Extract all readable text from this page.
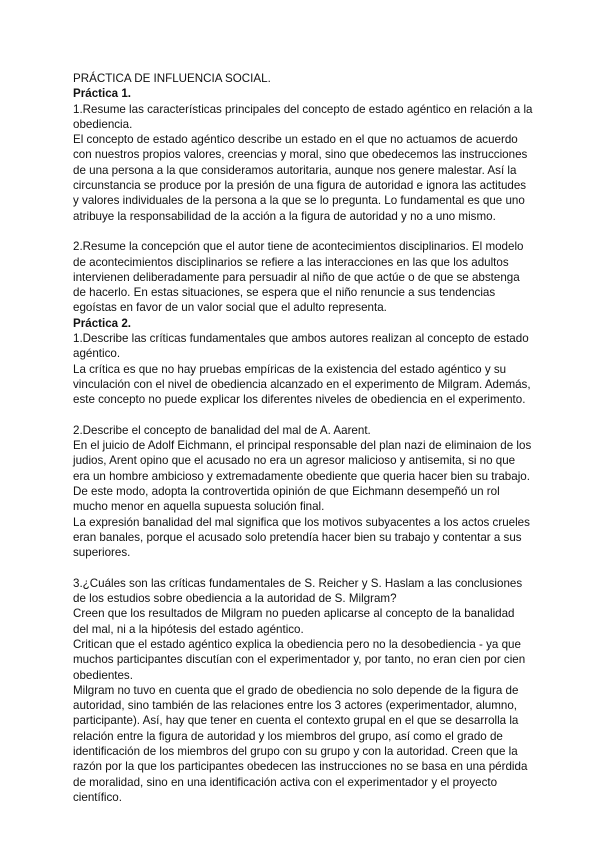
PRÁCTICA DE INFLUENCIA SOCIAL.

Práctica 1.

1.Resume las características principales del concepto de estado agéntico en relación a la obediencia.

El concepto de estado agéntico describe un estado en el que no actuamos de acuerdo con nuestros propios valores, creencias y moral, sino que obedecemos las instrucciones de una persona a la que consideramos autoritaria, aunque nos genere malestar. Así la circunstancia se produce por la presión de una figura de autoridad e ignora las actitudes y valores individuales de la persona a la que se lo pregunta. Lo fundamental es que uno atribuye la responsabilidad de la acción a la figura de autoridad y no a uno mismo.

2.Resume la concepción que el autor tiene de acontecimientos disciplinarios. El modelo de acontecimientos disciplinarios se refiere a las interacciones en las que los adultos intervienen deliberadamente para persuadir al niño de que actúe o de que se abstenga de hacerlo. En estas situaciones, se espera que el niño renuncie a sus tendencias egoístas en favor de un valor social que el adulto representa.

Práctica 2.

1.Describe las críticas fundamentales que ambos autores realizan al concepto de estado agéntico.

La crítica es que no hay pruebas empíricas de la existencia del estado agéntico y su vinculación con el nivel de obediencia alcanzado en el experimento de Milgram. Además, este concepto no puede explicar los diferentes niveles de obediencia en el experimento.

2.Describe el concepto de banalidad del mal de A. Aarent.

En el juicio de Adolf Eichmann, el principal responsable del plan nazi de eliminaion de los judios, Arent opino que el acusado no era un agresor malicioso y antisemita, si no que era un hombre ambicioso y extremadamente obediente que queria hacer bien su trabajo. De este modo, adopta la controvertida opinión de que Eichmann desempeñó un rol mucho menor en aquella supuesta solución final.

La expresión banalidad del mal significa que los motivos subyacentes a los actos crueles eran banales, porque el acusado solo pretendía hacer bien su trabajo y contentar a sus superiores.

3.¿Cuáles son las críticas fundamentales de S. Reicher y S. Haslam a las conclusiones de los estudios sobre obediencia a la autoridad de S. Milgram?

Creen que los resultados de Milgram no pueden aplicarse al concepto de la banalidad del mal, ni a la hipótesis del estado agéntico.

Critican que el estado agéntico explica la obediencia pero no la desobediencia - ya que muchos participantes discutían con el experimentador y, por tanto, no eran cien por cien obedientes.

Milgram no tuvo en cuenta que el grado de obediencia no solo depende de la figura de autoridad, sino también de las relaciones entre los 3 actores (experimentador, alumno, participante). Así, hay que tener en cuenta el contexto grupal en el que se desarrolla la relación entre la figura de autoridad y los miembros del grupo, así como el grado de identificación de los miembros del grupo con su grupo y con la autoridad. Creen que la razón por la que los participantes obedecen las instrucciones no se basa en una pérdida de moralidad, sino en una identificación activa con el experimentador y el proyecto científico.
